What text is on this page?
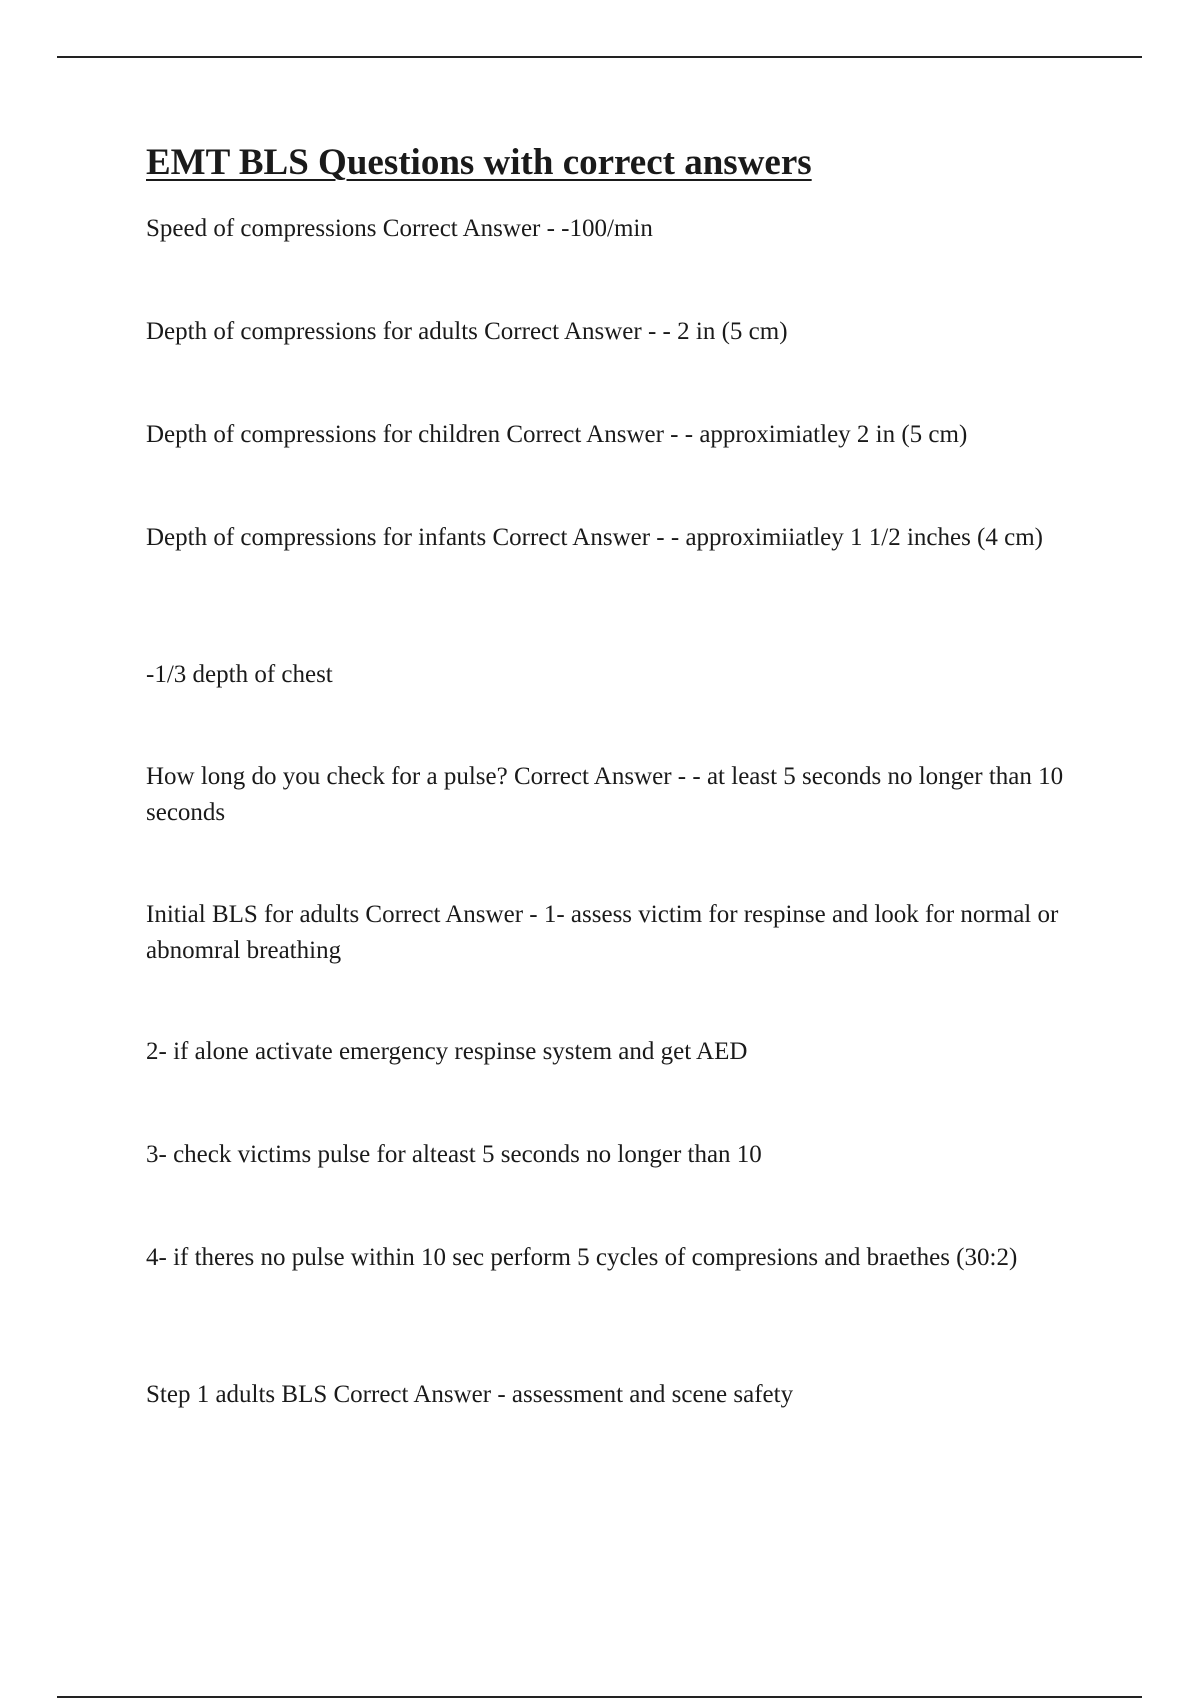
EMT BLS Questions with correct answers

Speed of compressions Correct Answer - -100/min

Depth of compressions for adults Correct Answer - - 2 in (5 cm)

Depth of compressions for children Correct Answer - - approximiatley 2 in (5 cm)

Depth of compressions for infants Correct Answer - - approximiiatley 1 1/2 inches (4 cm)

-1/3 depth of chest

How long do you check for a pulse? Correct Answer - - at least 5 seconds no longer than 10 seconds

Initial BLS for adults Correct Answer - 1- assess victim for respinse and look for normal or abnomral breathing

2- if alone activate emergency respinse system and get AED

3- check victims pulse for alteast 5 seconds no longer than 10

4- if theres no pulse within 10 sec perform 5 cycles of compresions and braethes (30:2)

Step 1 adults BLS Correct Answer - assessment and scene safety
